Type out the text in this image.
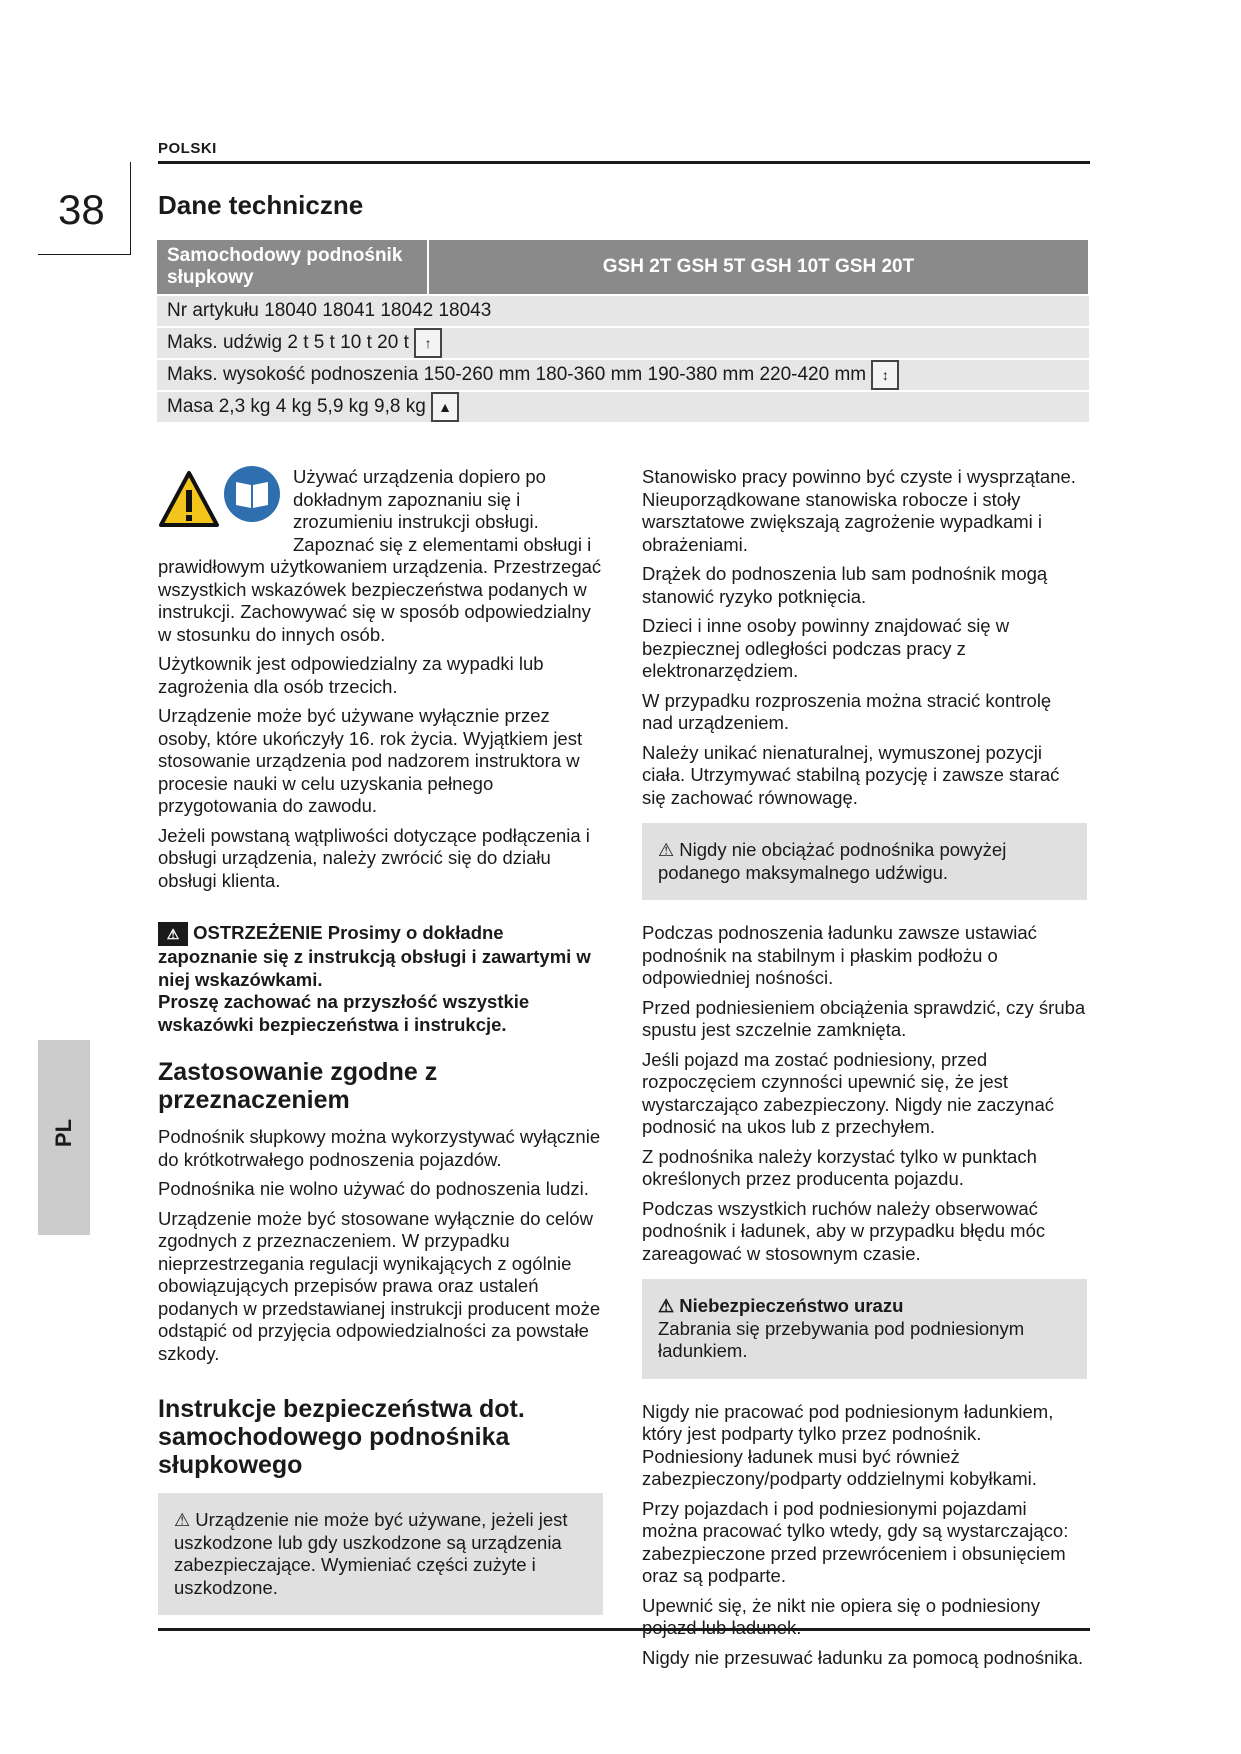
POLSKI
38 Dane techniczne
Samochodowy podnośnik słupkowy	GSH 2T GSH 5T GSH 10T GSH 20T
Nr artykułu 18040 18041 18042 18043
Maks. udźwig 2 t 5 t 10 t 20 t ↑
Maks. wysokość podnoszenia 150-260 mm 180-360 mm 190-380 mm 220-420 mm ↕
Masa 2,3 kg 4 kg 5,9 kg 9,8 kg ▲

Używać urządzenia dopiero po dokładnym zapoznaniu się i zrozumieniu instrukcji obsługi. Zapoznać się z elementami obsługi i prawidłowym użytkowaniem urządzenia. Przestrzegać wszystkich wskazówek bezpieczeństwa podanych w instrukcji. Zachowywać się w sposób odpowiedzialny w stosunku do innych osób.

Użytkownik jest odpowiedzialny za wypadki lub zagrożenia dla osób trzecich.

Urządzenie może być używane wyłącznie przez osoby, które ukończyły 16. rok życia. Wyjątkiem jest stosowanie urządzenia pod nadzorem instruktora w procesie nauki w celu uzyskania pełnego przygotowania do zawodu.

Jeżeli powstaną wątpliwości dotyczące podłączenia i obsługi urządzenia, należy zwrócić się do działu obsługi klienta.

⚠ OSTRZEŻENIE Prosimy o dokładne zapoznanie się z instrukcją obsługi i zawartymi w niej wskazówkami.
Proszę zachować na przyszłość wszystkie wskazówki bezpieczeństwa i instrukcje.
Zastosowanie zgodne z przeznaczeniem

Podnośnik słupkowy można wykorzystywać wyłącznie do krótkotrwałego podnoszenia pojazdów.

Podnośnika nie wolno używać do podnoszenia ludzi.

Urządzenie może być stosowane wyłącznie do celów zgodnych z przeznaczeniem. W przypadku nieprzestrzegania regulacji wynikających z ogólnie obowiązujących przepisów prawa oraz ustaleń podanych w przedstawianej instrukcji producent może odstąpić od przyjęcia odpowiedzialności za powstałe szkody.

Instrukcje bezpieczeństwa dot. samochodowego podnośnika słupkowego

⚠ Urządzenie nie może być używane, jeżeli jest uszkodzone lub gdy uszkodzone są urządzenia zabezpieczające. Wymieniać części zużyte i uszkodzone.

Stanowisko pracy powinno być czyste i wysprzątane. Nieuporządkowane stanowiska robocze i stoły warsztatowe zwiększają zagrożenie wypadkami i obrażeniami.

Drążek do podnoszenia lub sam podnośnik mogą stanowić ryzyko potknięcia.

Dzieci i inne osoby powinny znajdować się w bezpiecznej odległości podczas pracy z elektronarzędziem.

W przypadku rozproszenia można stracić kontrolę nad urządzeniem.

Należy unikać nienaturalnej, wymuszonej pozycji ciała. Utrzymywać stabilną pozycję i zawsze starać się zachować równowagę.

⚠ Nigdy nie obciążać podnośnika powyżej podanego maksymalnego udźwigu.

Podczas podnoszenia ładunku zawsze ustawiać podnośnik na stabilnym i płaskim podłożu o odpowiedniej nośności.

Przed podniesieniem obciążenia sprawdzić, czy śruba spustu jest szczelnie zamknięta.

Jeśli pojazd ma zostać podniesiony, przed rozpoczęciem czynności upewnić się, że jest wystarczająco zabezpieczony. Nigdy nie zaczynać podnosić na ukos lub z przechyłem.

Z podnośnika należy korzystać tylko w punktach określonych przez producenta pojazdu.

Podczas wszystkich ruchów należy obserwować podnośnik i ładunek, aby w przypadku błędu móc zareagować w stosownym czasie.

⚠ Niebezpieczeństwo urazu

Zabrania się przebywania pod podniesionym ładunkiem.

Nigdy nie pracować pod podniesionym ładunkiem, który jest podparty tylko przez podnośnik. Podniesiony ładunek musi być również zabezpieczony/podparty oddzielnymi kobyłkami.

Przy pojazdach i pod podniesionymi pojazdami można pracować tylko wtedy, gdy są wystarczająco: zabezpieczone przed przewróceniem i obsunięciem oraz są podparte.

Upewnić się, że nikt nie opiera się o podniesiony

Nigdy nie przesuwać ładunku za pomocą podnośnika.

PL
